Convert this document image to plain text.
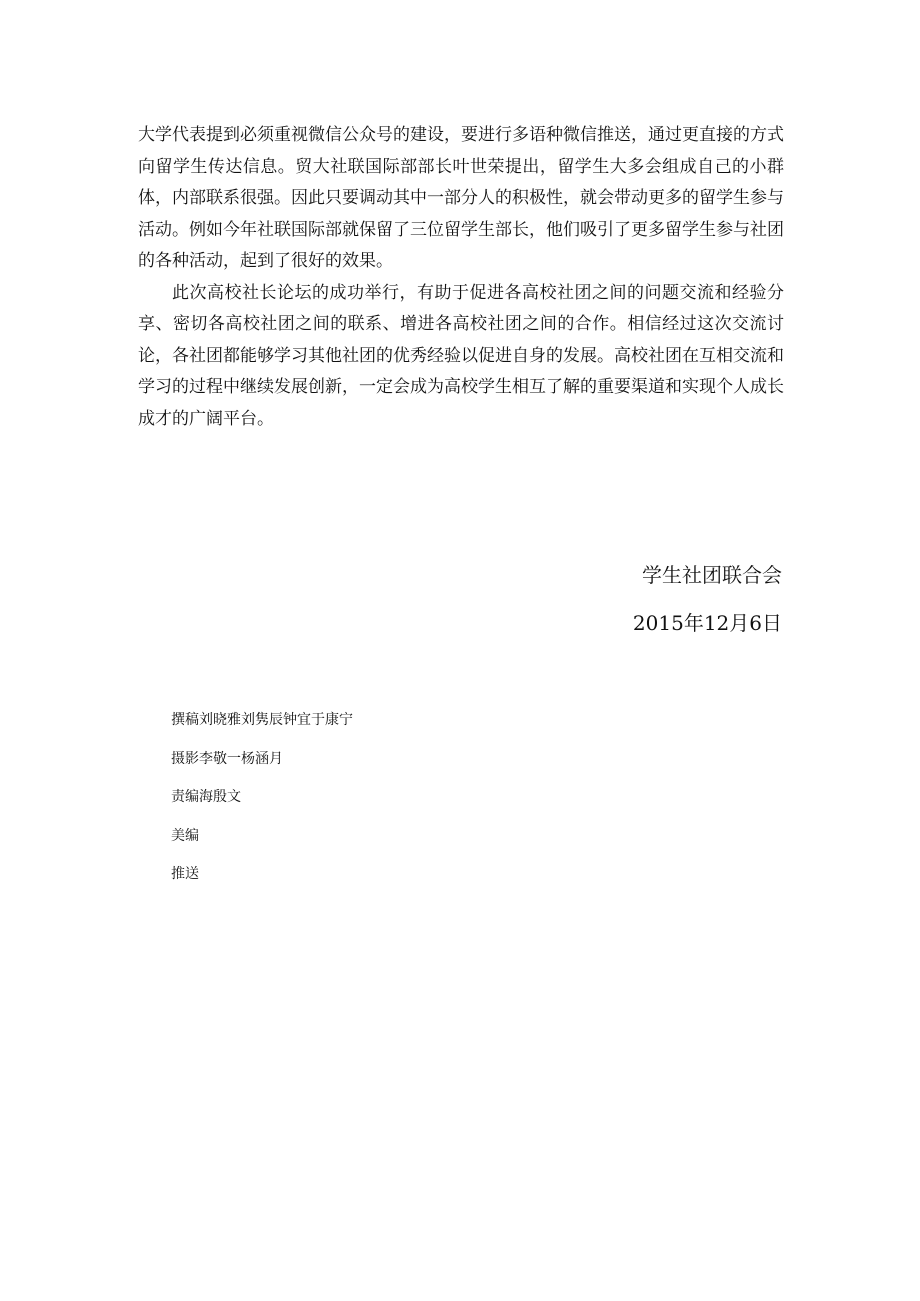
大学代表提到必须重视微信公众号的建设，要进行多语种微信推送，通过更直接的方式向留学生传达信息。贸大社联国际部部长叶世荣提出，留学生大多会组成自己的小群体，内部联系很强。因此只要调动其中一部分人的积极性，就会带动更多的留学生参与活动。例如今年社联国际部就保留了三位留学生部长，他们吸引了更多留学生参与社团的各种活动，起到了很好的效果。

此次高校社长论坛的成功举行，有助于促进各高校社团之间的问题交流和经验分享、密切各高校社团之间的联系、增进各高校社团之间的合作。相信经过这次交流讨论，各社团都能够学习其他社团的优秀经验以促进自身的发展。高校社团在互相交流和学习的过程中继续发展创新，一定会成为高校学生相互了解的重要渠道和实现个人成长成才的广阔平台。

学生社团联合会
2015年12月6日
撰稿刘晓雅刘隽辰钟宜于康宁
摄影李敬一杨涵月
责编海殷文
美编
推送
